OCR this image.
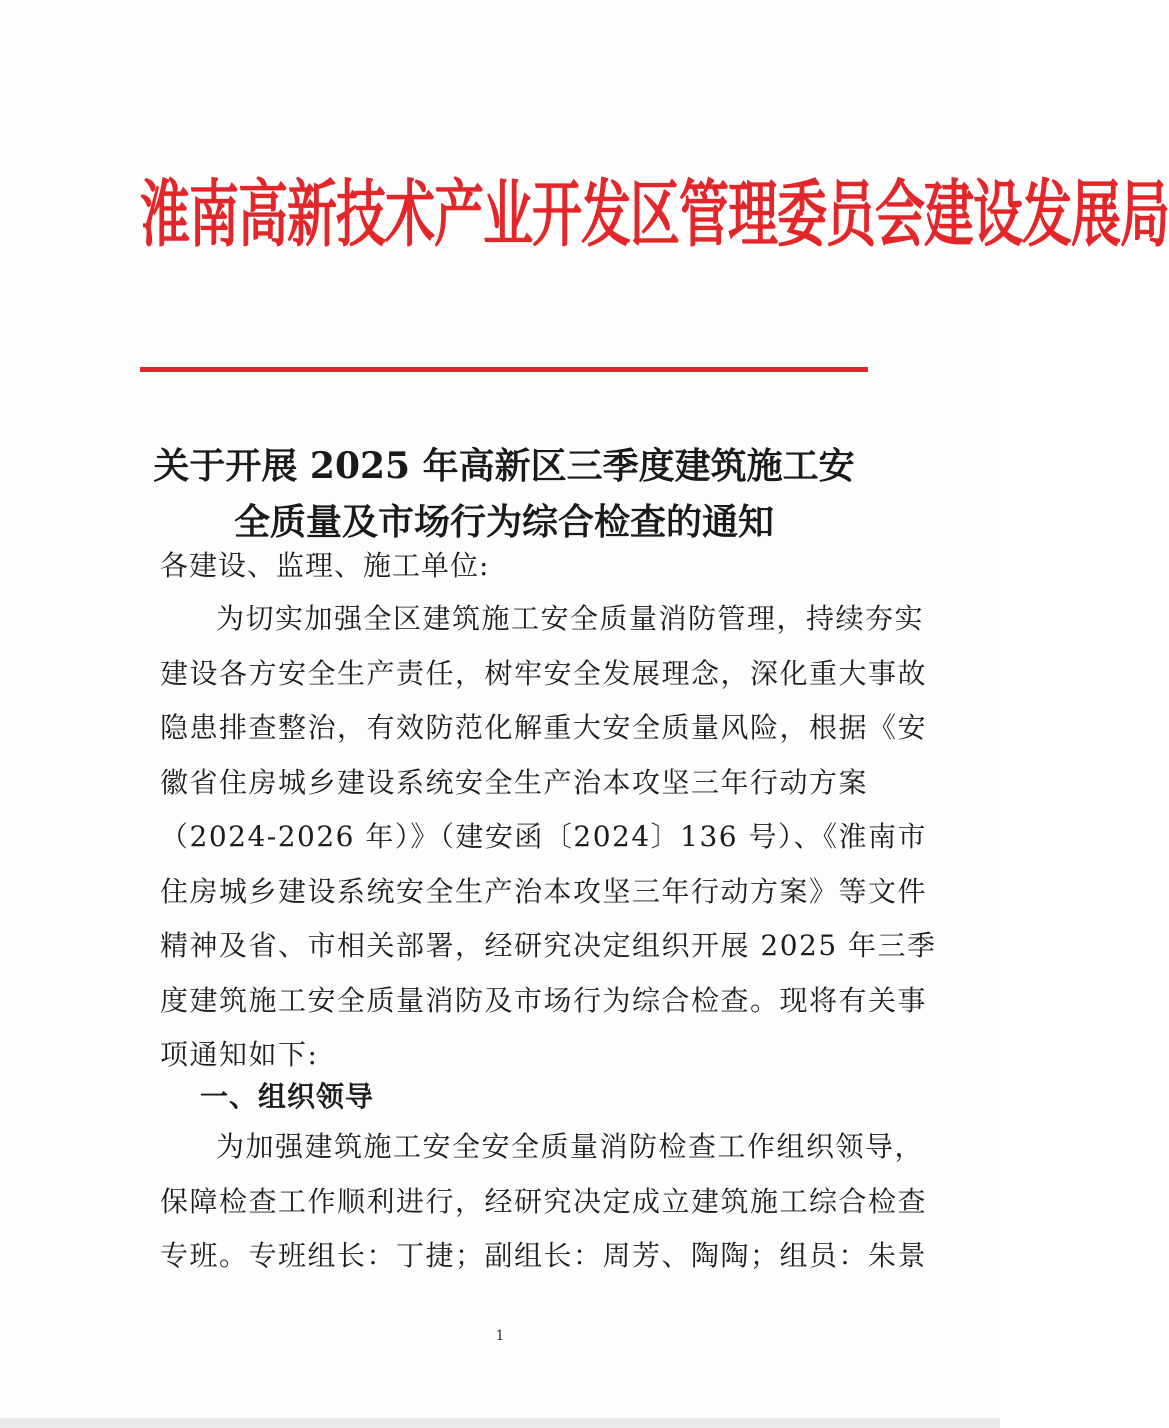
淮南高新技术产业开发区管理委员会建设发展局
关于开展 2025 年高新区三季度建筑施工安
全质量及市场行为综合检查的通知
各建设、监理、施工单位:
为切实加强全区建筑施工安全质量消防管理，持续夯实
建设各方安全生产责任，树牢安全发展理念，深化重大事故
隐患排查整治，有效防范化解重大安全质量风险，根据《安
徽省住房城乡建设系统安全生产治本攻坚三年行动方案
（2024-2026 年）》（建安函〔2024〕136 号）、《淮南市
住房城乡建设系统安全生产治本攻坚三年行动方案》等文件
精神及省、市相关部署，经研究决定组织开展 2025 年三季
度建筑施工安全质量消防及市场行为综合检查。现将有关事
项通知如下:
一、组织领导
为加强建筑施工安全安全质量消防检查工作组织领导，
保障检查工作顺利进行，经研究决定成立建筑施工综合检查
专班。专班组长：丁捷；副组长：周芳、陶陶；组员：朱景
1
